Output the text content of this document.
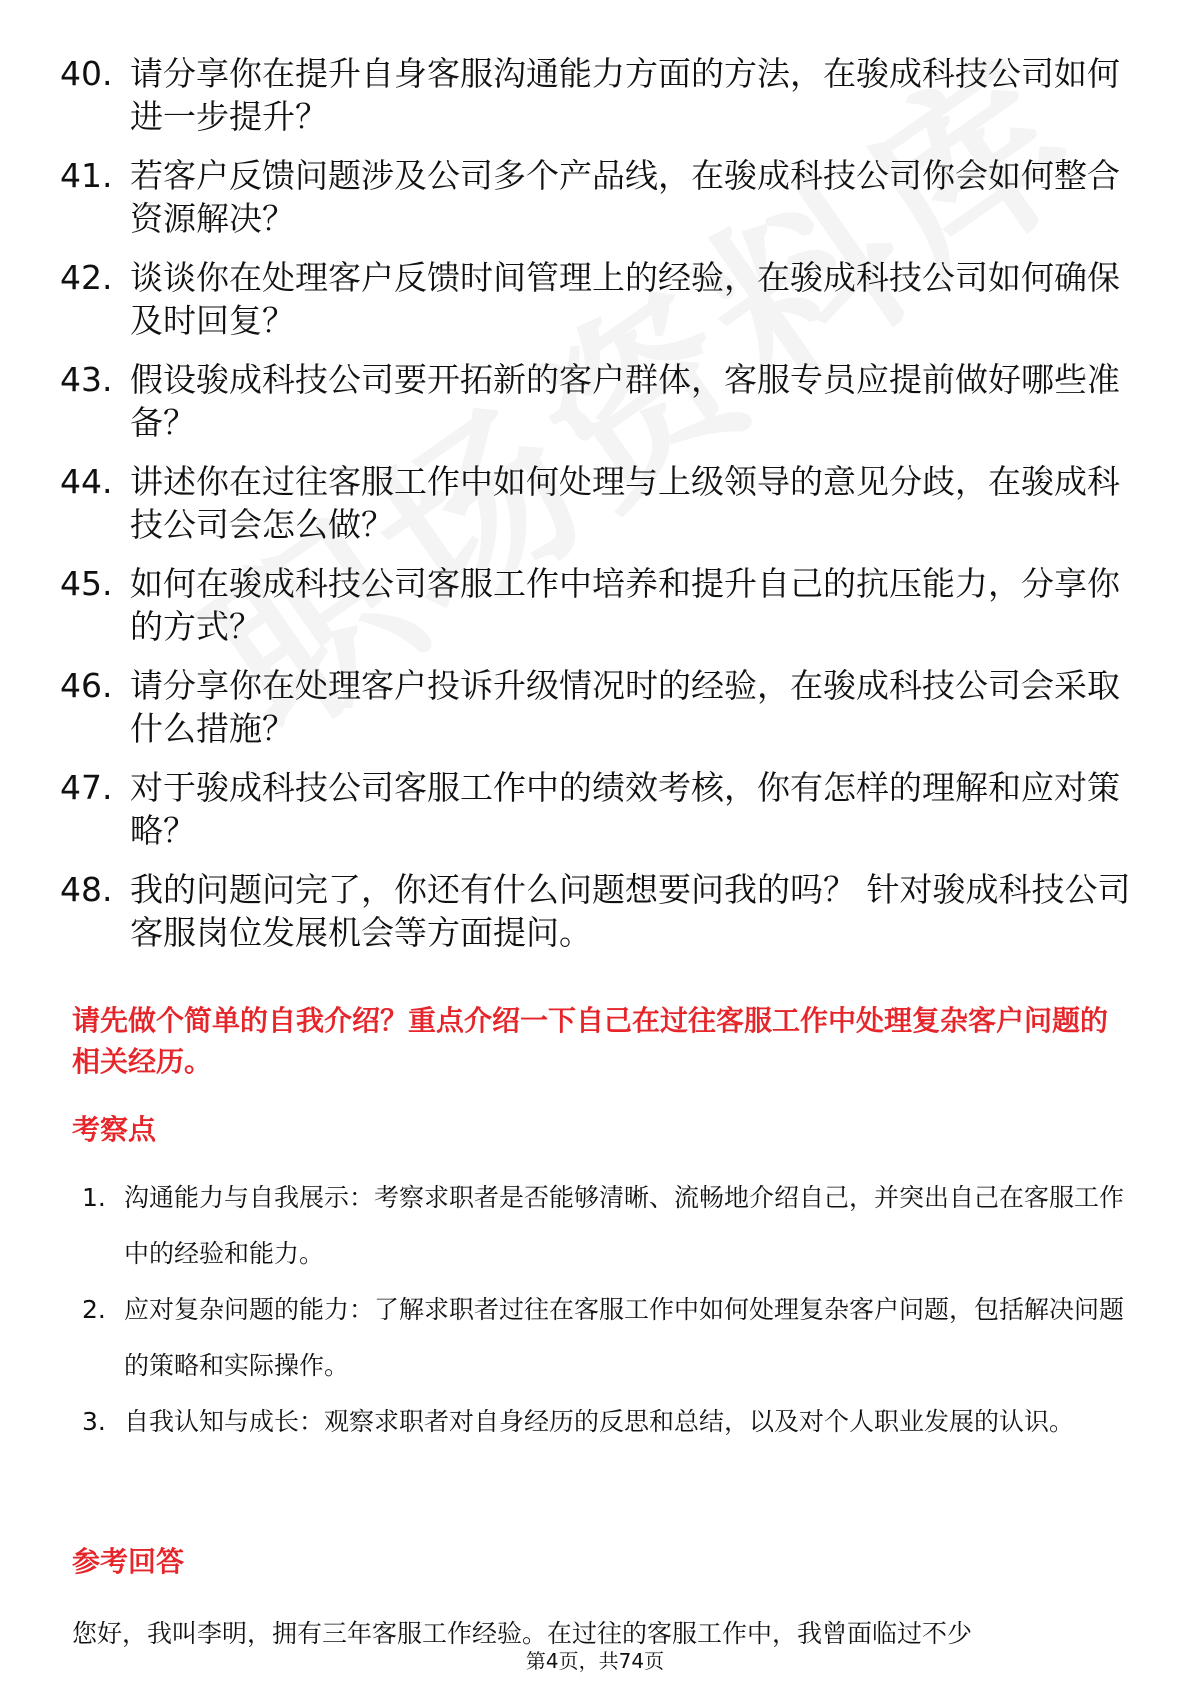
40. 请分享你在提升自身客服沟通能力方面的方法，在骏成科技公司如何进一步提升？
41. 若客户反馈问题涉及公司多个产品线，在骏成科技公司你会如何整合资源解决？
42. 谈谈你在处理客户反馈时间管理上的经验，在骏成科技公司如何确保及时回复？
43. 假设骏成科技公司要开拓新的客户群体，客服专员应提前做好哪些准备？
44. 讲述你在过往客服工作中如何处理与上级领导的意见分歧，在骏成科技公司会怎么做？
45. 如何在骏成科技公司客服工作中培养和提升自己的抗压能力，分享你的方式？
46. 请分享你在处理客户投诉升级情况时的经验，在骏成科技公司会采取什么措施？
47. 对于骏成科技公司客服工作中的绩效考核，你有怎样的理解和应对策略？
48. 我的问题问完了，你还有什么问题想要问我的吗？ 针对骏成科技公司客服岗位发展机会等方面提问。

请先做个简单的自我介绍？重点介绍一下自己在过往客服工作中处理复杂客户问题的相关经历。

考察点

1. 沟通能力与自我展示：考察求职者是否能够清晰、流畅地介绍自己，并突出自己在客服工作中的经验和能力。
2. 应对复杂问题的能力：了解求职者过往在客服工作中如何处理复杂客户问题，包括解决问题的策略和实际操作。
3. 自我认知与成长：观察求职者对自身经历的反思和总结，以及对个人职业发展的认识。

参考回答

您好，我叫李明，拥有三年客服工作经验。在过往的客服工作中，我曾面临过不少

第4页，共74页
